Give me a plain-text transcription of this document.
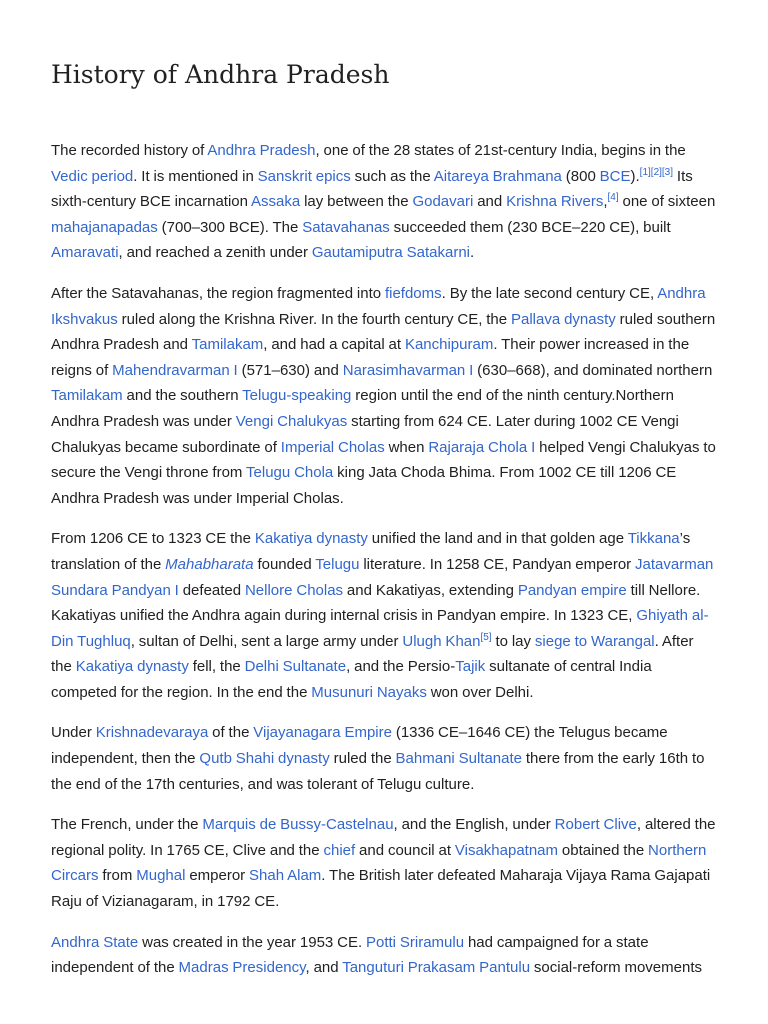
History of Andhra Pradesh

The recorded history of Andhra Pradesh, one of the 28 states of 21st-century India, begins in the Vedic period. It is mentioned in Sanskrit epics such as the Aitareya Brahmana (800 BCE).[1][2][3] Its sixth-century BCE incarnation Assaka lay between the Godavari and Krishna Rivers,[4] one of sixteen mahajanapadas (700–300 BCE). The Satavahanas succeeded them (230 BCE–220 CE), built Amaravati, and reached a zenith under Gautamiputra Satakarni.

After the Satavahanas, the region fragmented into fiefdoms. By the late second century CE, Andhra Ikshvakus ruled along the Krishna River. In the fourth century CE, the Pallava dynasty ruled southern Andhra Pradesh and Tamilakam, and had a capital at Kanchipuram. Their power increased in the reigns of Mahendravarman I (571–630) and Narasimhavarman I (630–668), and dominated northern Tamilakam and the southern Telugu-speaking region until the end of the ninth century.Northern Andhra Pradesh was under Vengi Chalukyas starting from 624 CE. Later during 1002 CE Vengi Chalukyas became subordinate of Imperial Cholas when Rajaraja Chola I helped Vengi Chalukyas to secure the Vengi throne from Telugu Chola king Jata Choda Bhima. From 1002 CE till 1206 CE Andhra Pradesh was under Imperial Cholas.

From 1206 CE to 1323 CE the Kakatiya dynasty unified the land and in that golden age Tikkana’s translation of the Mahabharata founded Telugu literature. In 1258 CE, Pandyan emperor Jatavarman Sundara Pandyan I defeated Nellore Cholas and Kakatiyas, extending Pandyan empire till Nellore. Kakatiyas unified the Andhra again during internal crisis in Pandyan empire. In 1323 CE, Ghiyath al-Din Tughluq, sultan of Delhi, sent a large army under Ulugh Khan[5] to lay siege to Warangal. After the Kakatiya dynasty fell, the Delhi Sultanate, and the Persio-Tajik sultanate of central India competed for the region. In the end the Musunuri Nayaks won over Delhi.

Under Krishnadevaraya of the Vijayanagara Empire (1336 CE–1646 CE) the Telugus became independent, then the Qutb Shahi dynasty ruled the Bahmani Sultanate there from the early 16th to the end of the 17th centuries, and was tolerant of Telugu culture.

The French, under the Marquis de Bussy-Castelnau, and the English, under Robert Clive, altered the regional polity. In 1765 CE, Clive and the chief and council at Visakhapatnam obtained the Northern Circars from Mughal emperor Shah Alam. The British later defeated Maharaja Vijaya Rama Gajapati Raju of Vizianagaram, in 1792 CE.

Andhra State was created in the year 1953 CE. Potti Sriramulu had campaigned for a state independent of the Madras Presidency, and Tanguturi Prakasam Pantulu social-reform movements
